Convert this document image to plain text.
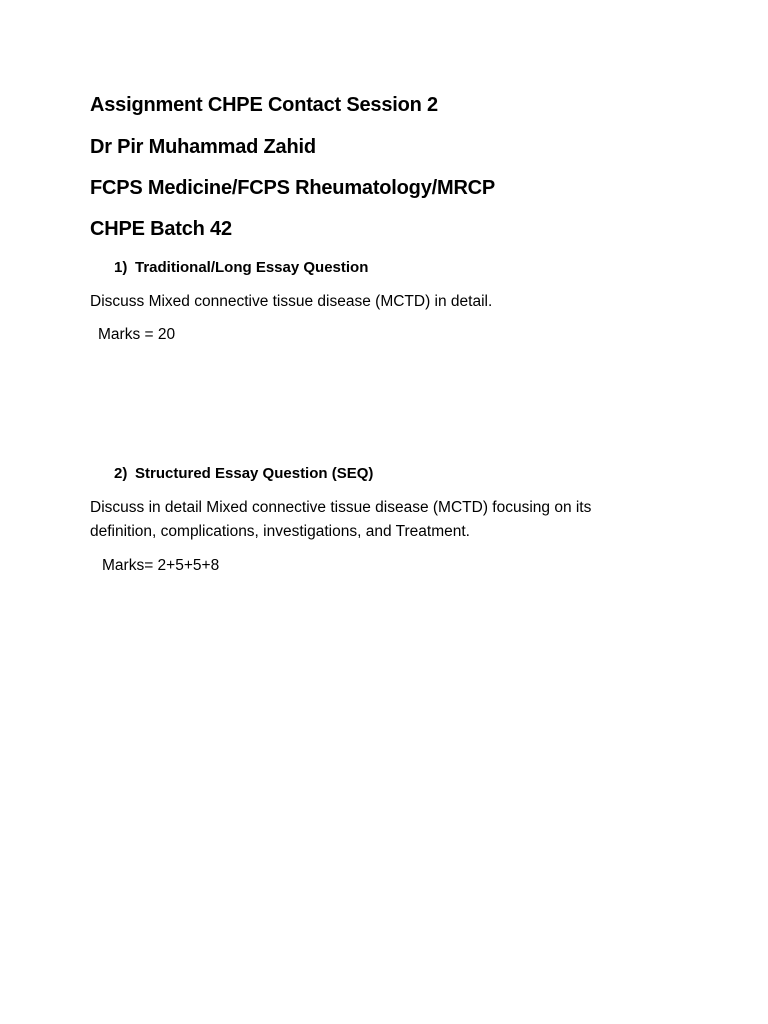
Assignment CHPE Contact Session 2
Dr Pir Muhammad Zahid
FCPS Medicine/FCPS Rheumatology/MRCP
CHPE Batch 42
1) Traditional/Long Essay Question
Discuss Mixed connective tissue disease (MCTD) in detail.
Marks = 20
2) Structured Essay Question (SEQ)
Discuss in detail Mixed connective tissue disease (MCTD) focusing on its
definition, complications, investigations, and Treatment.
Marks= 2+5+5+8
